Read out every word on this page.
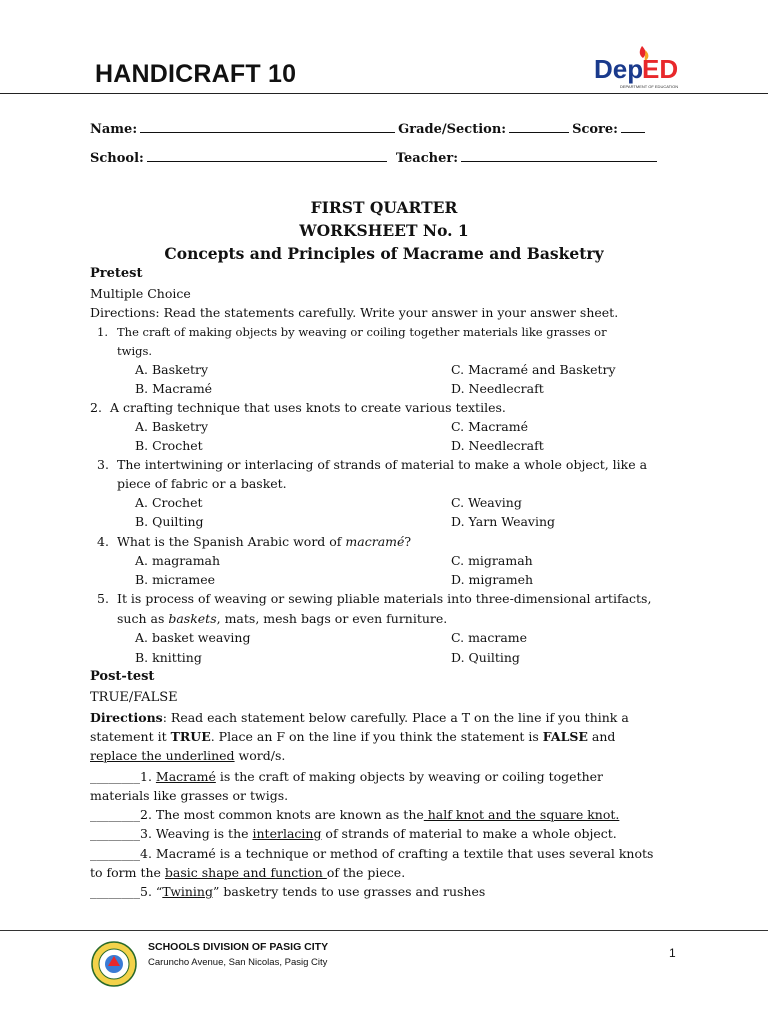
HANDICRAFT 10	Dep
ED
DEPARTMENT OF EDUCATION
Name:	Grade/Section:	Score:
School:	Teacher:
FIRST QUARTER
WORKSHEET No. 1
Concepts and Principles of Macrame and Basketry
Pretest
Multiple Choice
Directions: Read the statements carefully. Write your answer in your answer sheet.
1. The craft of making objects by weaving or coiling together materials like grasses or
twigs.
A. Basketry	C. Macramé and Basketry
B. Macramé	D. Needlecraft
2. A crafting technique that uses knots to create various textiles.
A. Basketry	C. Macramé
B. Crochet	D. Needlecraft
3. The intertwining or interlacing of strands of material to make a whole object, like a
piece of fabric or a basket.
A. Crochet	C. Weaving
B. Quilting	D. Yarn Weaving
4. What is the Spanish Arabic word of macramé?
A. magramah	C. migramah
B. micramee	D. migrameh
5. It is process of weaving or sewing pliable materials into three-dimensional artifacts,
such as baskets, mats, mesh bags or even furniture.
A. basket weaving	C. macrame
B. knitting	D. Quilting
Post-test
TRUE/FALSE
Directions: Read each statement below carefully. Place a T on the line if you think a
statement it TRUE. Place an F on the line if you think the statement is FALSE and
replace the underlined word/s.
________1. Macramé is the craft of making objects by weaving or coiling together
materials like grasses or twigs.
________2. The most common knots are known as the half knot and the square knot.
________3. Weaving is the interlacing of strands of material to make a whole object.
________4. Macramé is a technique or method of crafting a textile that uses several knots
to form the basic shape and function of the piece.
________5. “Twining” basketry tends to use grasses and rushes
SCHOOLS DIVISION OF PASIG CITY
Caruncho Avenue, San Nicolas, Pasig City
1
